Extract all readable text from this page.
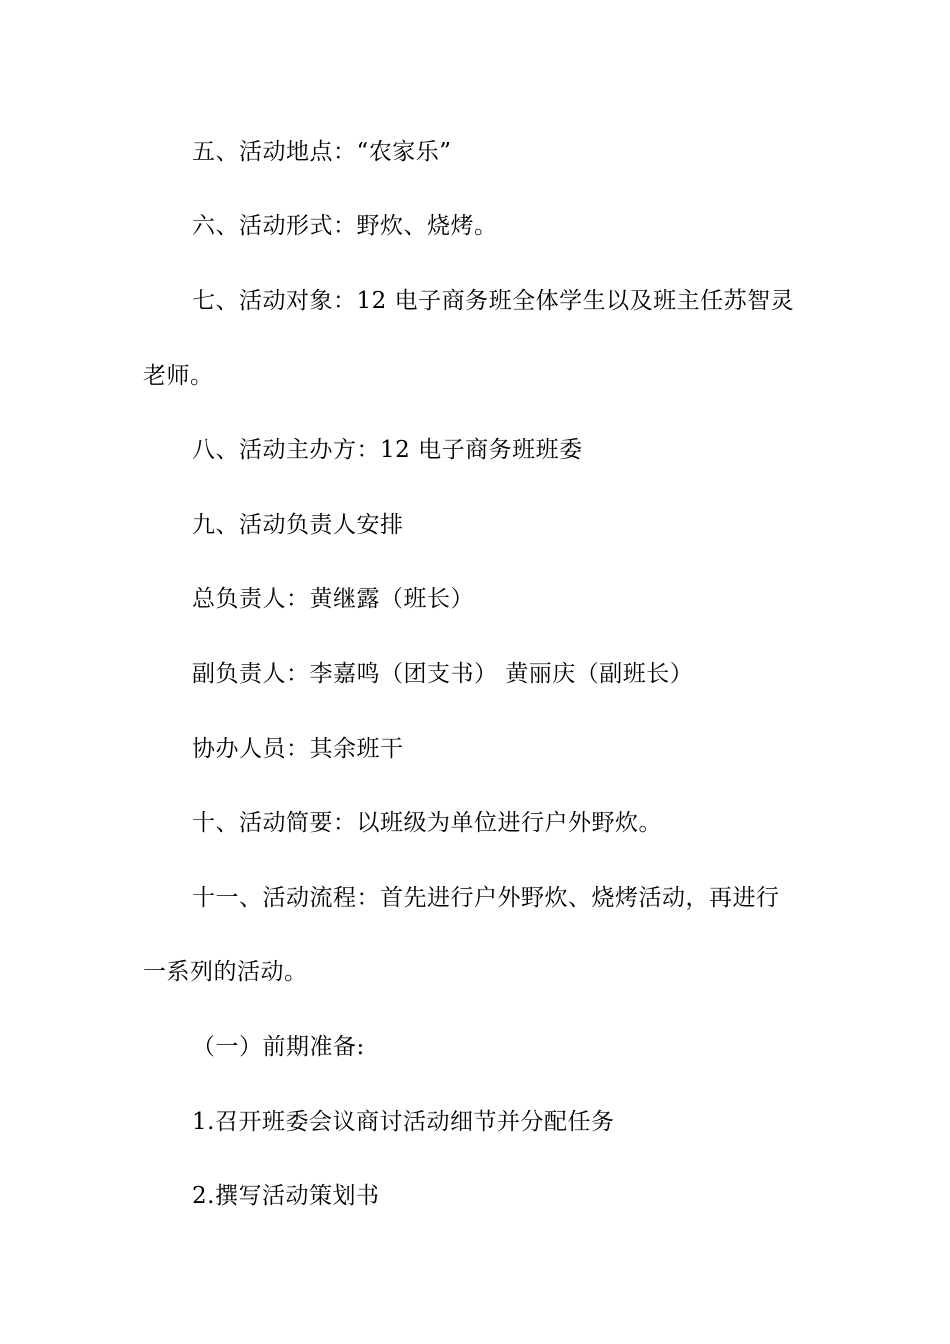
五、活动地点：“农家乐”
六、活动形式：野炊、烧烤。
七、活动对象：12 电子商务班全体学生以及班主任苏智灵
老师。
八、活动主办方：12 电子商务班班委
九、活动负责人安排
总负责人：黄继露（班长）
副负责人：李嘉鸣（团支书） 黄丽庆（副班长）
协办人员：其余班干
十、活动简要：以班级为单位进行户外野炊。
十一、活动流程：首先进行户外野炊、烧烤活动，再进行
一系列的活动。
（一）前期准备:
1.召开班委会议商讨活动细节并分配任务
2.撰写活动策划书
